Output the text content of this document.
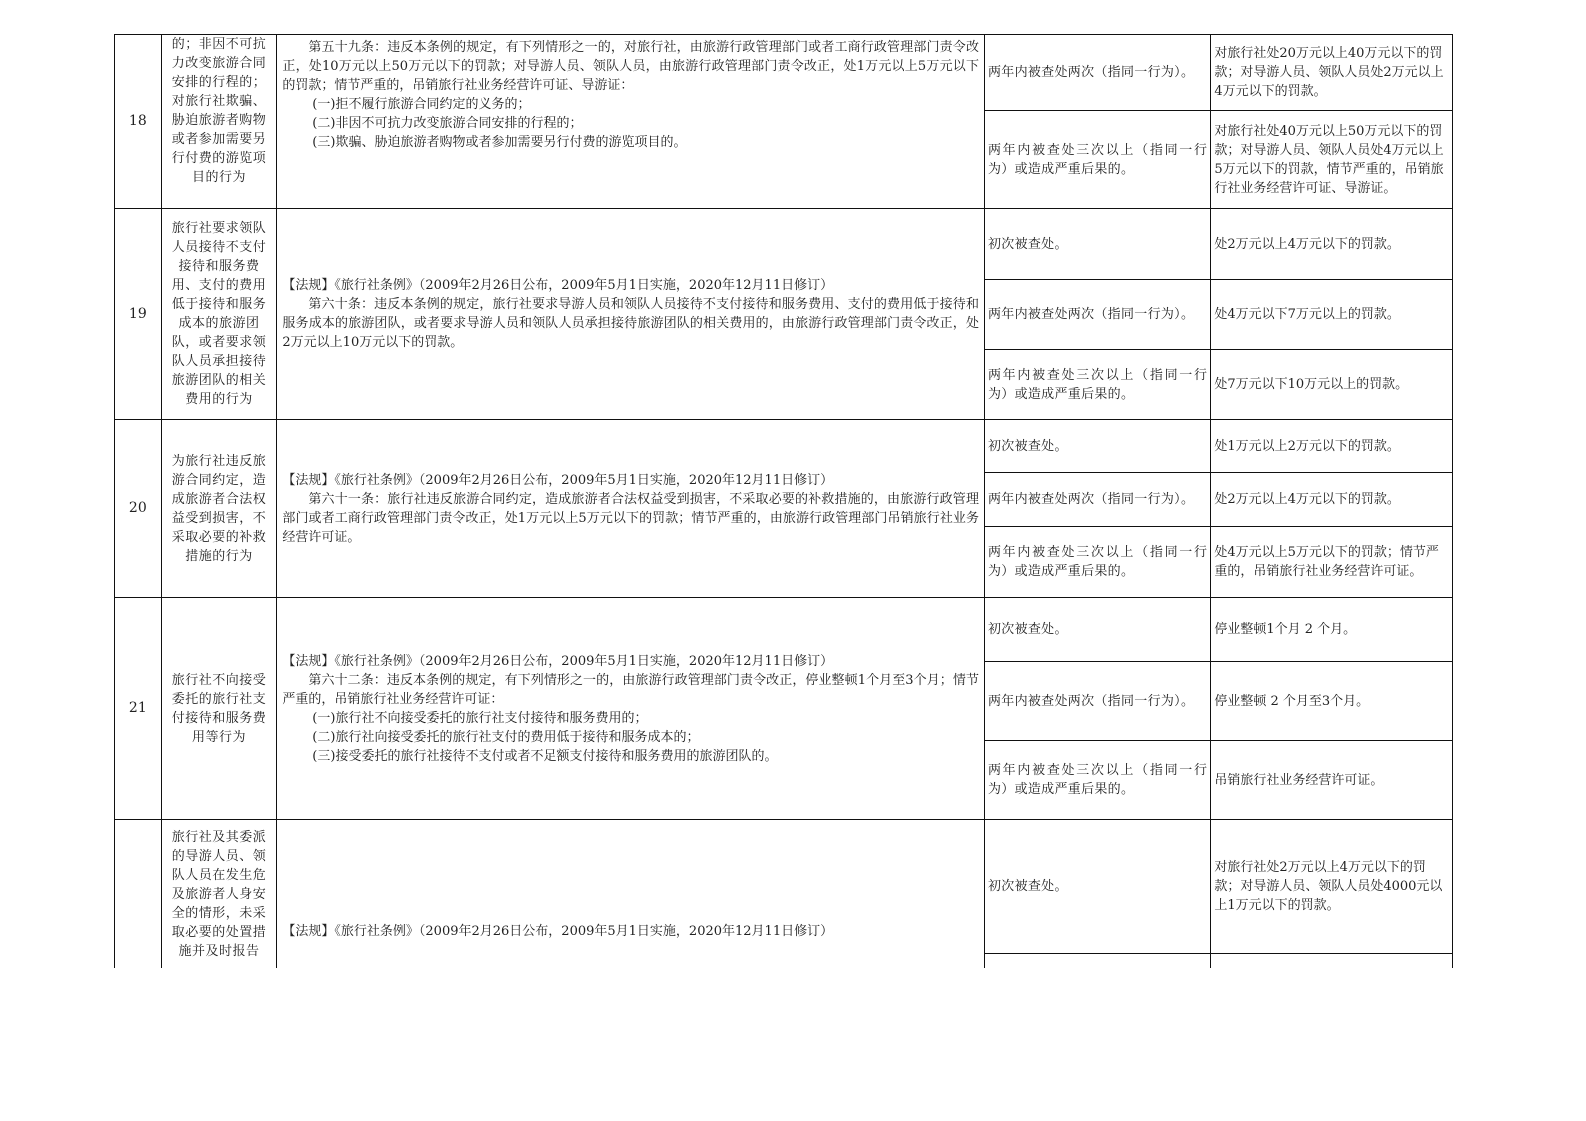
18	的；非因不可抗力改变旅游合同安排的行程的；对旅行社欺骗、胁迫旅游者购物或者参加需要另行付费的游览项目的行为	第五十九条：违反本条例的规定，有下列情形之一的，对旅行社，由旅游行政管理部门或者工商行政管理部门责令改正，处10万元以上50万元以下的罚款；对导游人员、领队人员，由旅游行政管理部门责令改正，处1万元以上5万元以下的罚款；情节严重的，吊销旅行社业务经营许可证、导游证：
(一)拒不履行旅游合同约定的义务的；
(二)非因不可抗力改变旅游合同安排的行程的；
(三)欺骗、胁迫旅游者购物或者参加需要另行付费的游览项目的。	两年内被查处两次（指同一行为）。	对旅行社处20万元以上40万元以下的罚款；对导游人员、领队人员处2万元以上4万元以下的罚款。
			两年内被查处三次以上（指同一行为）或造成严重后果的。	对旅行社处40万元以上50万元以下的罚款；对导游人员、领队人员处4万元以上5万元以下的罚款，情节严重的，吊销旅行社业务经营许可证、导游证。
19	旅行社要求领队人员接待不支付接待和服务费用、支付的费用低于接待和服务成本的旅游团队，或者要求领队人员承担接待旅游团队的相关费用的行为	【法规】《旅行社条例》（2009年2月26日公布，2009年5月1日实施，2020年12月11日修订）
第六十条：违反本条例的规定，旅行社要求导游人员和领队人员接待不支付接待和服务费用、支付的费用低于接待和服务成本的旅游团队，或者要求导游人员和领队人员承担接待旅游团队的相关费用的，由旅游行政管理部门责令改正，处2万元以上10万元以下的罚款。	初次被查处。	处2万元以上4万元以下的罚款。
			两年内被查处两次（指同一行为）。	处4万元以下7万元以上的罚款。
			两年内被查处三次以上（指同一行为）或造成严重后果的。	处7万元以下10万元以上的罚款。
20	为旅行社违反旅游合同约定，造成旅游者合法权益受到损害，不采取必要的补救措施的行为	【法规】《旅行社条例》（2009年2月26日公布，2009年5月1日实施，2020年12月11日修订）
第六十一条：旅行社违反旅游合同约定，造成旅游者合法权益受到损害，不采取必要的补救措施的，由旅游行政管理部门或者工商行政管理部门责令改正，处1万元以上5万元以下的罚款；情节严重的，由旅游行政管理部门吊销旅行社业务经营许可证。	初次被查处。	处1万元以上2万元以下的罚款。
			两年内被查处两次（指同一行为）。	处2万元以上4万元以下的罚款。
			两年内被查处三次以上（指同一行为）或造成严重后果的。	处4万元以上5万元以下的罚款；情节严重的，吊销旅行社业务经营许可证。
21	旅行社不向接受委托的旅行社支付接待和服务费用等行为	【法规】《旅行社条例》（2009年2月26日公布，2009年5月1日实施，2020年12月11日修订）
第六十二条：违反本条例的规定，有下列情形之一的，由旅游行政管理部门责令改正，停业整顿1个月至3个月；情节严重的，吊销旅行社业务经营许可证：
(一)旅行社不向接受委托的旅行社支付接待和服务费用的；
(二)旅行社向接受委托的旅行社支付的费用低于接待和服务成本的；
(三)接受委托的旅行社接待不支付或者不足额支付接待和服务费用的旅游团队的。	初次被查处。	停业整顿1个月 2 个月。
			两年内被查处两次（指同一行为）。	停业整顿 2 个月至3个月。
			两年内被查处三次以上（指同一行为）或造成严重后果的。	吊销旅行社业务经营许可证。
	旅行社及其委派的导游人员、领队人员在发生危及旅游者人身安全的情形，未采取必要的处置措施并及时报告	【法规】《旅行社条例》（2009年2月26日公布，2009年5月1日实施，2020年12月11日修订）	初次被查处。	对旅行社处2万元以上4万元以下的罚款；对导游人员、领队人员处4000元以上1万元以下的罚款。
